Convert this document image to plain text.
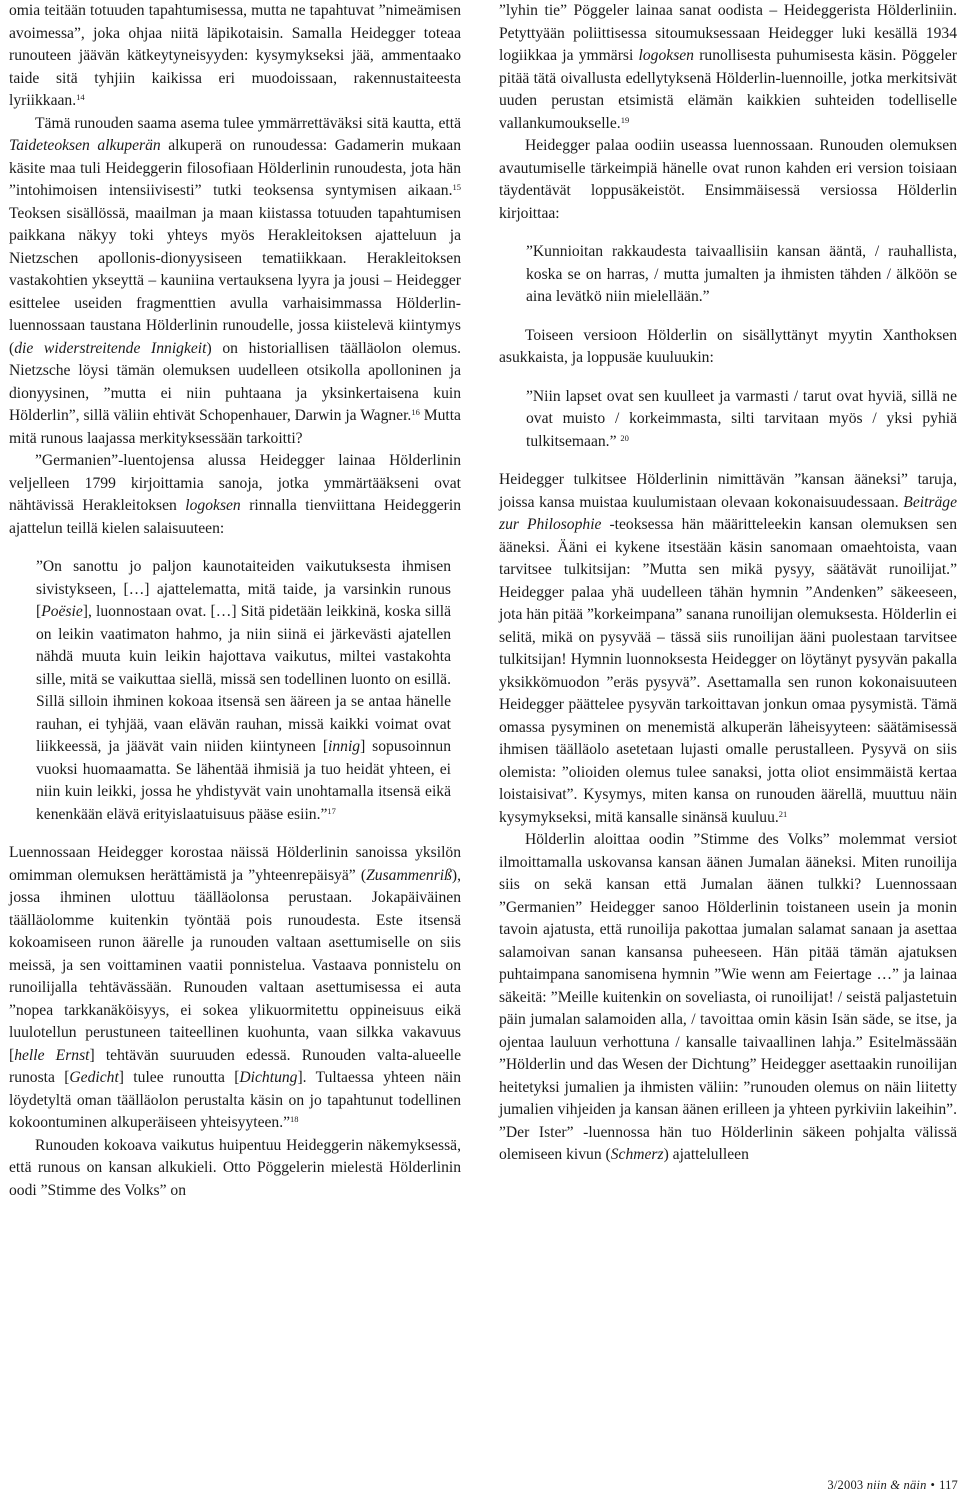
omia teitään totuuden tapahtumisessa, mutta ne tapahtuvat ”nimeämisen avoimessa”, joka ohjaa niitä läpikotaisin. Samalla Heidegger toteaa runouteen jäävän kätkeytyneisyyden: kysymykseksi jää, ammentaako taide sitä tyhjiin kaikissa eri muodoissaan, rakennustaiteesta lyriikkaan.$^{14}$

Tämä runouden saama asema tulee ymmärrettäväksi sitä kautta, että Taideteoksen alkuperän alkuperä on runoudessa: Gadamerin mukaan käsite maa tuli Heideggerin filosofiaan Hölderlinin runoudesta, jota hän ”intohimoisen intensiivisesti” tutki teoksensa syntymisen aikaan.$^{15}$ Teoksen sisällössä, maailman ja maan kiistassa totuuden tapahtumisen paikkana näkyy toki yhteys myös Herakleitoksen ajatteluun ja Nietzschen apollonis-dionyysiseen tematiikkaan. Herakleitoksen vastakohtien ykseyttä – kauniina vertauksena lyyra ja jousi – Heidegger esittelee useiden fragmenttien avulla varhaisimmassa Hölderlin-luennossaan taustana Hölderlinin runoudelle, jossa kiistelevä kiintymys (die widerstreitende Innigkeit) on historiallisen täälläolon olemus. Nietzsche löysi tämän olemuksen uudelleen otsikolla apolloninen ja dionyysinen, ”mutta ei niin puhtaana ja yksinkertaisena kuin Hölderlin”, sillä väliin ehtivät Schopenhauer, Darwin ja Wagner.$^{16}$ Mutta mitä runous laajassa merkityksessään tarkoitti?

”Germanien”-luentojensa alussa Heidegger lainaa Hölderlinin veljelleen 1799 kirjoittamia sanoja, jotka ymmärtääkseni ovat nähtävissä Herakleitoksen logoksen rinnalla tienviittana Heideggerin ajattelun teillä kielen salaisuuteen:

”On sanottu jo paljon kaunotaiteiden vaikutuksesta ihmisen sivistykseen, […] ajattelematta, mitä taide, ja varsinkin runous [Poësie], luonnostaan ovat. […] Sitä pidetään leikkinä, koska sillä on leikin vaatimaton hahmo, ja niin siinä ei järkevästi ajatellen nähdä muuta kuin leikin hajottava vaikutus, miltei vastakohta sille, mitä se vaikuttaa siellä, missä sen todellinen luonto on esillä. Sillä silloin ihminen kokoaa itsensä sen ääreen ja se antaa hänelle rauhan, ei tyhjää, vaan elävän rauhan, missä kaikki voimat ovat liikkeessä, ja jäävät vain niiden kiintyneen [innig] sopusoinnun vuoksi huomaamatta. Se lähentää ihmisiä ja tuo heidät yhteen, ei niin kuin leikki, jossa he yhdistyvät vain unohtamalla itsensä eikä kenenkään elävä erityislaatuisuus pääse esiin.”$^{17}$

Luennossaan Heidegger korostaa näissä Hölderlinin sanoissa yksilön omimman olemuksen herättämistä ja ”yhteenrepäisyä” (Zusammenriß), jossa ihminen ulottuu täälläolonsa perustaan. Jokapäiväinen täälläolomme kuitenkin työntää pois runoudesta. Este itsensä kokoamiseen runon äärelle ja runouden valtaan asettumiselle on siis meissä, ja sen voittaminen vaatii ponnistelua. Vastaava ponnistelu on runoilijalla tehtävässään. Runouden valtaan asettumisessa ei auta ”nopea tarkkanäköisyys, ei sokea ylikuormitettu oppineisuus eikä luulotellun perustuneen taiteellinen kuohunta, vaan silkka vakavuus [helle Ernst] tehtävän suuruuden edessä. Runouden valta-alueelle runosta [Gedicht] tulee runoutta [Dichtung]. Tultaessa yhteen näin löydetyltä oman täälläolon perustalta käsin on jo tapahtunut todellinen kokoontuminen alkuperäiseen yhteisyyteen.”$^{18}$

Runouden kokoava vaikutus huipentuu Heideggerin näkemyksessä, että runous on kansan alkukieli. Otto Pöggelerin mielestä Hölderlinin oodi ”Stimme des Volks” on

”lyhin tie” Pöggeler lainaa sanat oodista – Heideggerista Hölderliniin. Petyttyään poliittisessa sitoumuksessaan Heidegger luki kesällä 1934 logiikkaa ja ymmärsi logoksen runollisesta puhumisesta käsin. Pöggeler pitää tätä oivallusta edellytyksenä Hölderlin-luennoille, jotka merkitsivät uuden perustan etsimistä elämän kaikkien suhteiden todelliselle vallankumoukselle.$^{19}$

Heidegger palaa oodiin useassa luennossaan. Runouden olemuksen avautumiselle tärkeimpiä hänelle ovat runon kahden eri version toisiaan täydentävät loppusäkeistöt. Ensimmäisessä versiossa Hölderlin kirjoittaa:

”Kunnioitan rakkaudesta taivaallisiin kansan ääntä, / rauhallista, koska se on harras, / mutta jumalten ja ihmisten tähden / älköön se aina levätkö niin mielellään.”

Toiseen versioon Hölderlin on sisällyttänyt myytin Xanthoksen asukkaista, ja loppusäe kuuluukin:

”Niin lapset ovat sen kuulleet ja varmasti / tarut ovat hyviä, sillä ne ovat muisto / korkeimmasta, silti tarvitaan myös / yksi pyhiä tulkitsemaan.” $^{20}$

Heidegger tulkitsee Hölderlinin nimittävän ”kansan ääneksi” taruja, joissa kansa muistaa kuulumistaan olevaan kokonaisuudessaan. Beiträge zur Philosophie -teoksessa hän määritteleekin kansan olemuksen sen ääneksi. Ääni ei kykene itsestään käsin sanomaan omaehtoista, vaan tarvitsee tulkitsijan: ”Mutta sen mikä pysyy, säätävät runoilijat.” Heidegger palaa yhä uudelleen tähän hymnin ”Andenken” säkeeseen, jota hän pitää ”korkeimpana” sanana runoilijan olemuksesta. Hölderlin ei selitä, mikä on pysyvää – tässä siis runoilijan ääni puolestaan tarvitsee tulkitsijan! Hymnin luonnoksesta Heidegger on löytänyt pysyvän pakalla yksikkömuodon ”eräs pysyvä”. Asettamalla sen runon kokonaisuuteen Heidegger päättelee pysyvän tarkoittavan jonkun omaa pysymistä. Tämä omassa pysyminen on menemistä alkuperän läheisyyteen: säätämisessä ihmisen täälläolo asetetaan lujasti omalle perustalleen. Pysyvä on siis olemista: ”olioiden olemus tulee sanaksi, jotta oliot ensimmäistä kertaa loistaisivat”. Kysymys, miten kansa on runouden äärellä, muuttuu näin kysymykseksi, mitä kansalle sinänsä kuuluu.$^{21}$

Hölderlin aloittaa oodin ”Stimme des Volks” molemmat versiot ilmoittamalla uskovansa kansan äänen Jumalan ääneksi. Miten runoilija siis on sekä kansan että Jumalan äänen tulkki? Luennossaan ”Germanien” Heidegger sanoo Hölderlinin toistaneen usein ja monin tavoin ajatusta, että runoilija pakottaa jumalan salamat sanaan ja asettaa salamoivan sanan kansansa puheeseen. Hän pitää tämän ajatuksen puhtaimpana sanomisena hymnin ”Wie wenn am Feiertage …” ja lainaa säkeitä: ”Meille kuitenkin on soveliasta, oi runoilijat! / seistä paljastetuin päin jumalan salamoiden alla, / tavoittaa omin käsin Isän säde, se itse, ja ojentaa lauluun verhottuna / kansalle taivaallinen lahja.” Esitelmässään ”Hölderlin und das Wesen der Dichtung” Heidegger asettaakin runoilijan heitetyksi jumalien ja ihmisten väliin: ”runouden olemus on näin liitetty jumalien vihjeiden ja kansan äänen erilleen ja yhteen pyrkiviin lakeihin”. ”Der Ister” -luennossa hän tuo Hölderlinin säkeen pohjalta välissä olemiseen kivun (Schmerz) ajattelulleen

3/2003 niin & näin • 117
